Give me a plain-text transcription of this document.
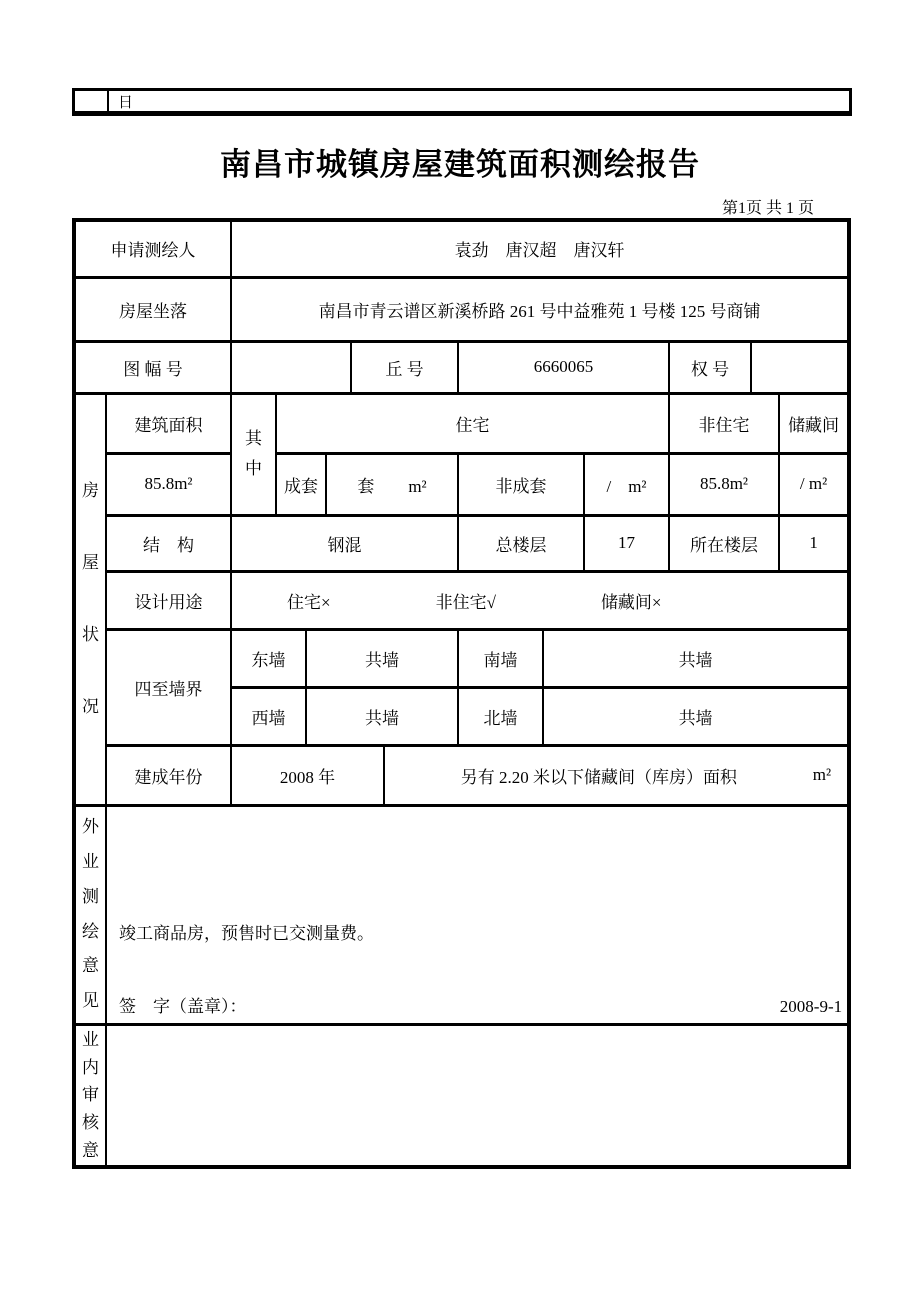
日
南昌市城镇房屋建筑面积测绘报告
第1页 共 1 页
申请测绘人		袁劲　唐汉超　唐汉轩											
房屋坐落		南昌市青云谱区新溪桥路 261 号中益雅苑 1 号楼 125 号商铺											
图 幅 号						丘 号		6660065			权 号		

房屋状况	建筑面积	其中	住宅								非住宅		储藏间
	85.8m²		成套		套　　m²			非成套		/　m²	85.8m²		/ m²
	结　构	钢混						总楼层		17	所在楼层		1
	设计用途	住宅× 非住宅√ 储藏间×											

	四至墙界	东墙		共墙				南墙	共墙				
		西墙		共墙				北墙	共墙				
	建成年份	2008 年					另有 2.20 米以下储藏间（库房）面积 m²						

外业测绘意见	竣工商品房，预售时已交测量费。
签　字（盖章）： 2008-9-1												

业内审核意													
